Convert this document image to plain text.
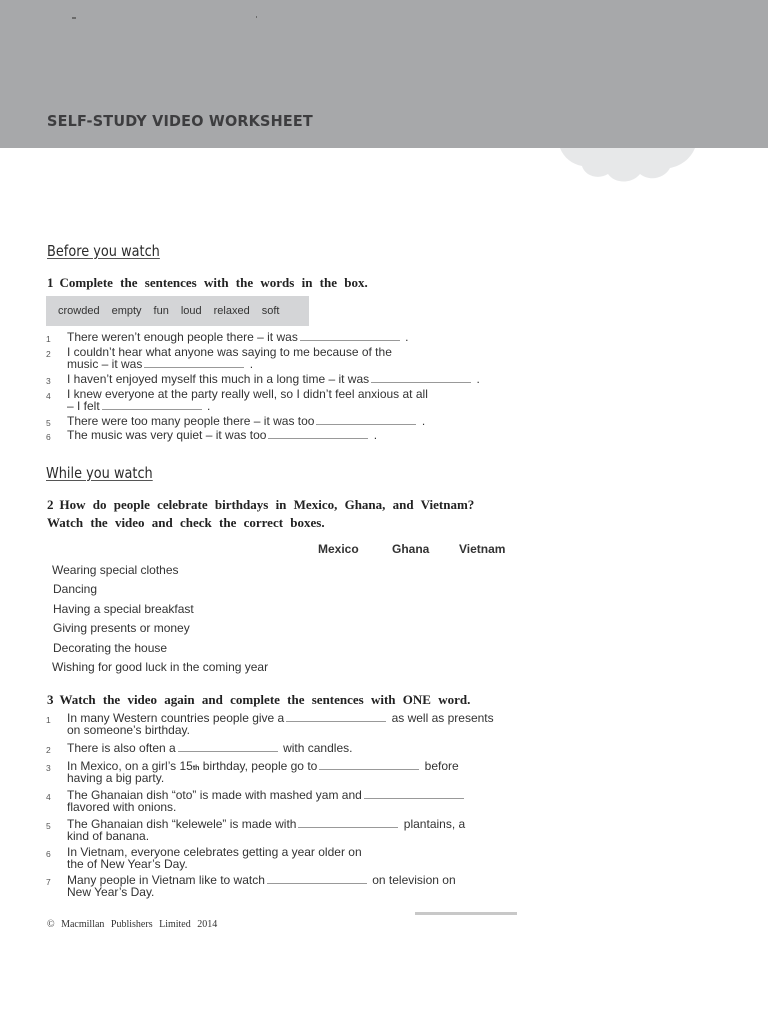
SELF-STUDY VIDEO WORKSHEET
Before you watch
1 Complete the sentences with the words in the box.
crowded empty fun loud relaxed soft
1 There weren’t enough people there – it was	.
2 I couldn’t hear what anyone was saying to me because of the
music – it was	.
3 I haven’t enjoyed myself this much in a long time – it was	.
4 I knew everyone at the party really well, so I didn’t feel anxious at all
– I felt	.
5 There were too many people there – it was too	.
6 The music was very quiet – it was too	.
While you watch
2 How do people celebrate birthdays in Mexico, Ghana, and Vietnam?
Watch the video and check the correct boxes.
Mexico	Ghana Vietnam
Wearing special clothes
Dancing
Having a special breakfast
Giving presents or money
Decorating the house
Wishing for good luck in the coming year
3 Watch the video again and complete the sentences with ONE word.
1 In many Western countries people give a	as well as presents
on someone’s birthday.
2 There is also often a	with candles.
3 In Mexico, on a girl’s 15th birthday, people go to	before
having a big party.
4 The Ghanaian dish “oto” is made with mashed yam and
flavored with onions.
5 The Ghanaian dish “kelewele” is made with	plantains, a
kind of banana.
6 In Vietnam, everyone celebrates getting a year older on
the of New Year’s Day.
7 Many people in Vietnam like to watch	on television on
New Year’s Day.
© Macmillan Publishers Limited 2014
